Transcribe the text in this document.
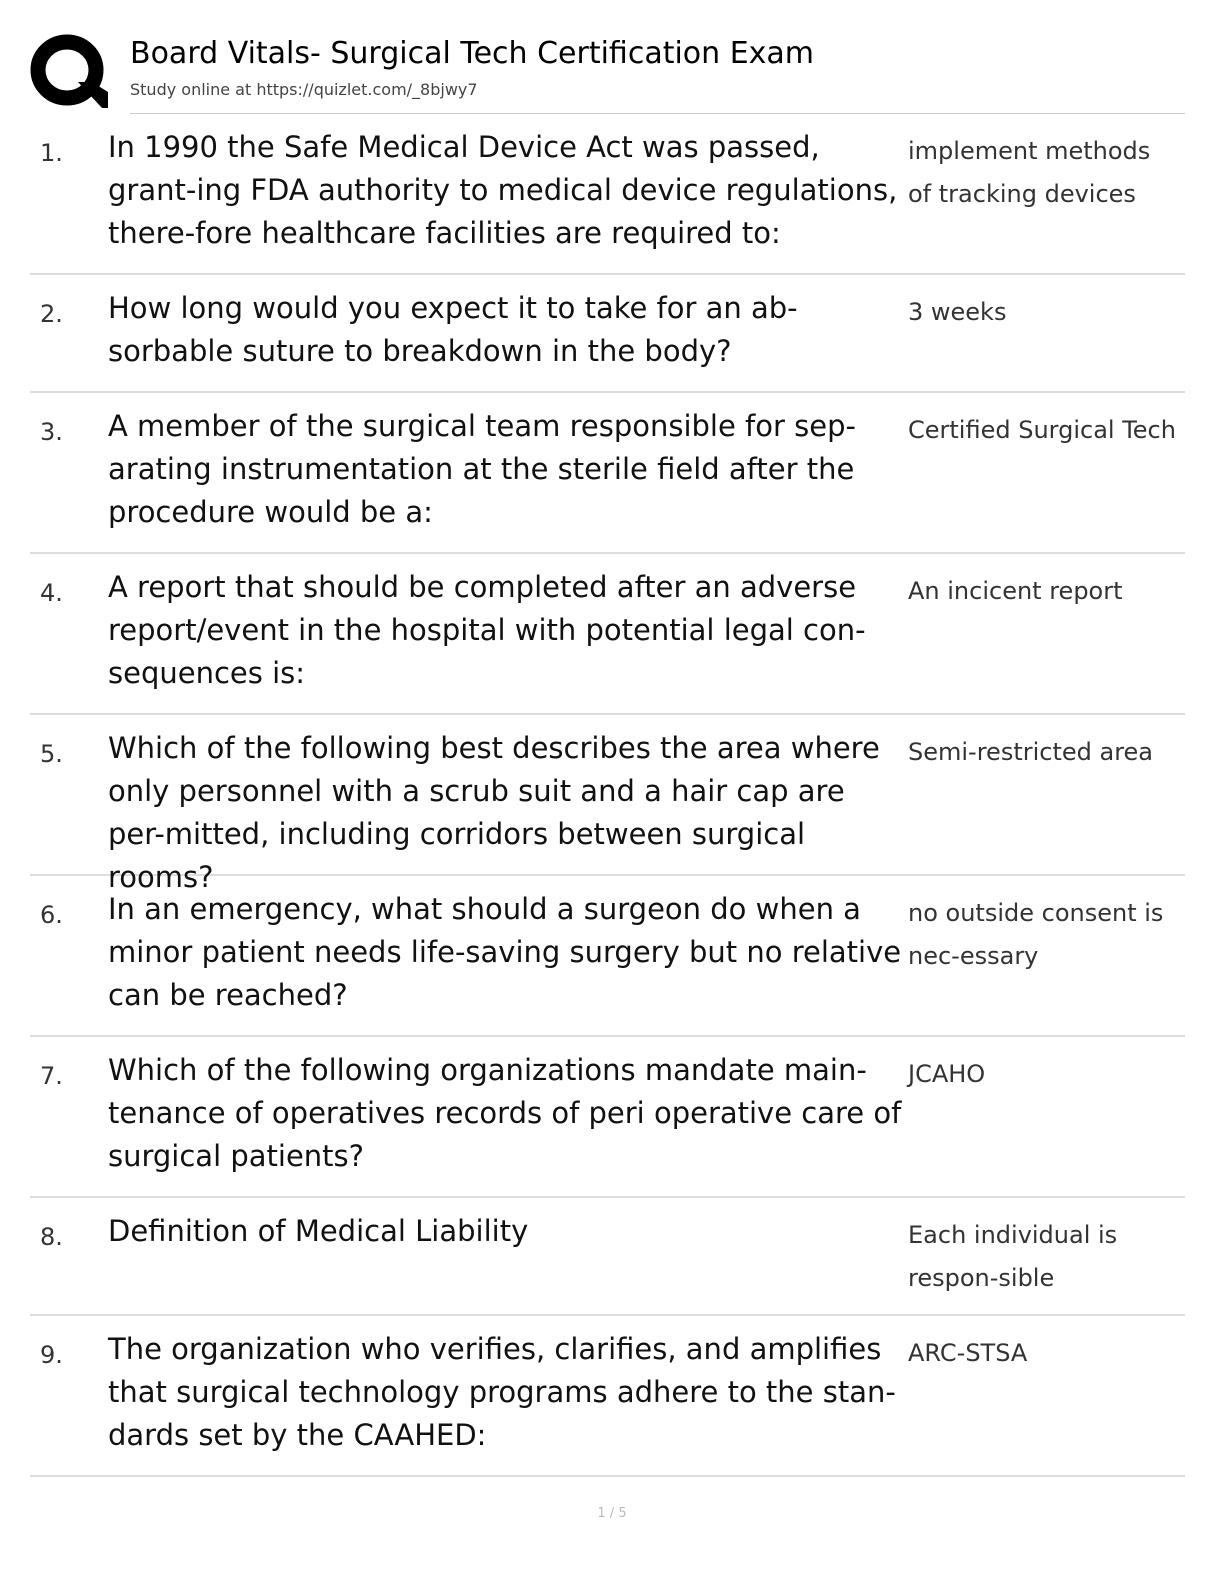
Board Vitals- Surgical Tech Certification Exam
Study online at https://quizlet.com/_8bjwy7
1. In 1990 the Safe Medical Device Act was passed, grant-ing FDA authority to medical device regulations, there-fore healthcare facilities are required to:
implement methods of tracking devices
2. How long would you expect it to take for an ab-sorbable suture to breakdown in the body?
3 weeks
3. A member of the surgical team responsible for sep-arating instrumentation at the sterile field after the procedure would be a:
Certified Surgical Tech
4. A report that should be completed after an adverse report/event in the hospital with potential legal con-sequences is:
An incicent report
5. Which of the following best describes the area where only personnel with a scrub suit and a hair cap are per-mitted, including corridors between surgical rooms?
Semi-restricted area
6. In an emergency, what should a surgeon do when a minor patient needs life-saving surgery but no relative can be reached?
no outside consent is nec-essary
7. Which of the following organizations mandate main-tenance of operatives records of peri operative care of surgical patients?
JCAHO
8. Definition of Medical Liability	Each individual is respon-sible
9. The organization who verifies, clarifies, and amplifies that surgical technology programs adhere to the stan-dards set by the CAAHED:
ARC-STSA
1 / 5
